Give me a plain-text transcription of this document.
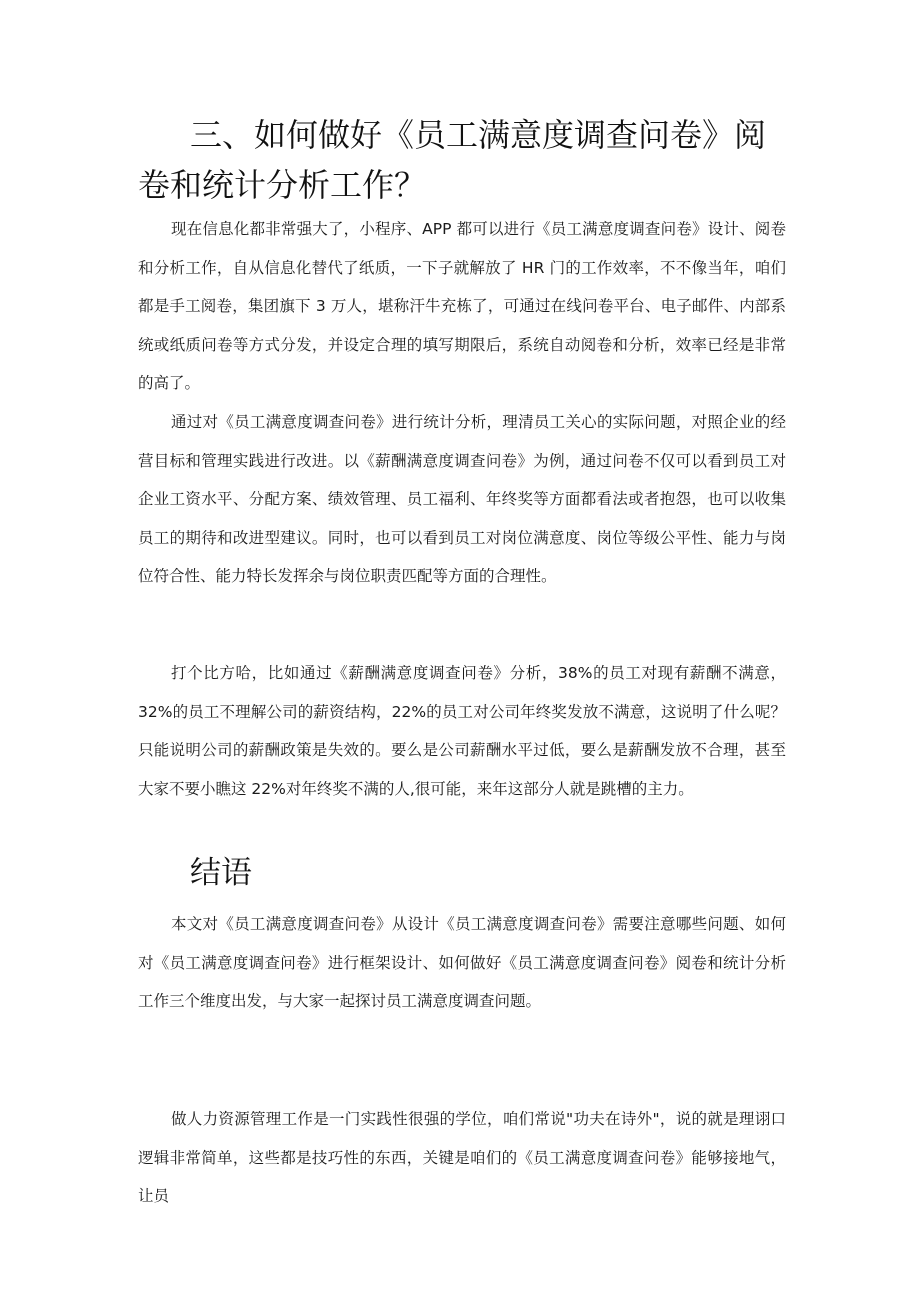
三、如何做好《员工满意度调查问卷》阅卷和统计分析工作？

现在信息化都非常强大了，小程序、APP 都可以进行《员工满意度调查问卷》设计、阅卷和分析工作，自从信息化替代了纸质，一下子就解放了 HR 门的工作效率，不不像当年，咱们都是手工阅卷，集团旗下 3 万人，堪称汗牛充栋了，可通过在线问卷平台、电子邮件、内部系统或纸质问卷等方式分发，并设定合理的填写期限后，系统自动阅卷和分析，效率已经是非常的高了。

通过对《员工满意度调查问卷》进行统计分析，理清员工关心的实际问题，对照企业的经营目标和管理实践进行改进。以《薪酬满意度调查问卷》为例，通过问卷不仅可以看到员工对企业工资水平、分配方案、绩效管理、员工福利、年终奖等方面都看法或者抱怨，也可以收集员工的期待和改进型建议。同时，也可以看到员工对岗位满意度、岗位等级公平性、能力与岗位符合性、能力特长发挥余与岗位职责匹配等方面的合理性。

打个比方哈，比如通过《薪酬满意度调查问卷》分析，38%的员工对现有薪酬不满意，32%的员工不理解公司的薪资结构，22%的员工对公司年终奖发放不满意，这说明了什么呢？只能说明公司的薪酬政策是失效的。要么是公司薪酬水平过低，要么是薪酬发放不合理，甚至大家不要小瞧这 22%对年终奖不满的人,很可能，来年这部分人就是跳槽的主力。

结语

本文对《员工满意度调查问卷》从设计《员工满意度调查问卷》需要注意哪些问题、如何对《员工满意度调查问卷》进行框架设计、如何做好《员工满意度调查问卷》阅卷和统计分析工作三个维度出发，与大家一起探讨员工满意度调查问题。

做人力资源管理工作是一门实践性很强的学位，咱们常说"功夫在诗外"，说的就是理诩口逻辑非常简单，这些都是技巧性的东西，关键是咱们的《员工满意度调查问卷》能够接地气，让员
